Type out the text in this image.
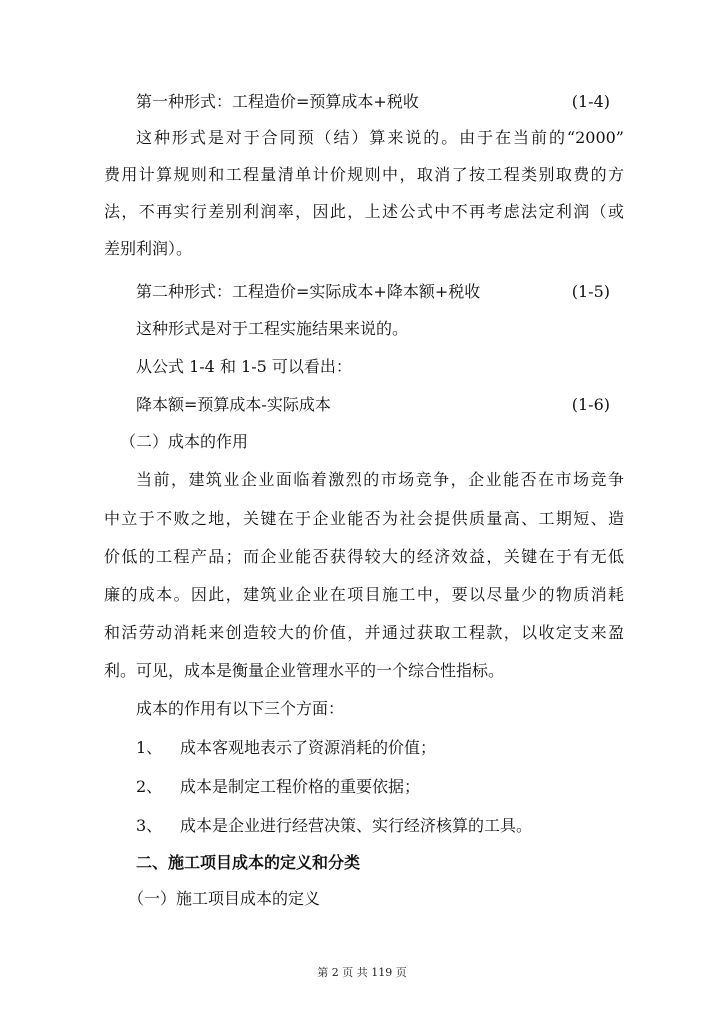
第一种形式：工程造价=预算成本+税收	(1-4)
这种形式是对于合同预（结）算来说的。由于在当前的“2000”
费用计算规则和工程量清单计价规则中，取消了按工程类别取费的方
法，不再实行差别利润率，因此，上述公式中不再考虑法定利润（或
差别利润）。
第二种形式：工程造价=实际成本+降本额+税收	(1-5)
这种形式是对于工程实施结果来说的。
从公式 1-4 和 1-5 可以看出：
降本额=预算成本-实际成本	(1-6)
（二）成本的作用
当前，建筑业企业面临着激烈的市场竞争，企业能否在市场竞争
中立于不败之地，关键在于企业能否为社会提供质量高、工期短、造
价低的工程产品；而企业能否获得较大的经济效益，关键在于有无低
廉的成本。因此，建筑业企业在项目施工中，要以尽量少的物质消耗
和活劳动消耗来创造较大的价值，并通过获取工程款，以收定支来盈
利。可见，成本是衡量企业管理水平的一个综合性指标。
成本的作用有以下三个方面：
1、	成本客观地表示了资源消耗的价值；
2、	成本是制定工程价格的重要依据；
3、	成本是企业进行经营决策、实行经济核算的工具。
二、施工项目成本的定义和分类
（一）施工项目成本的定义
第 2 页 共 119 页
